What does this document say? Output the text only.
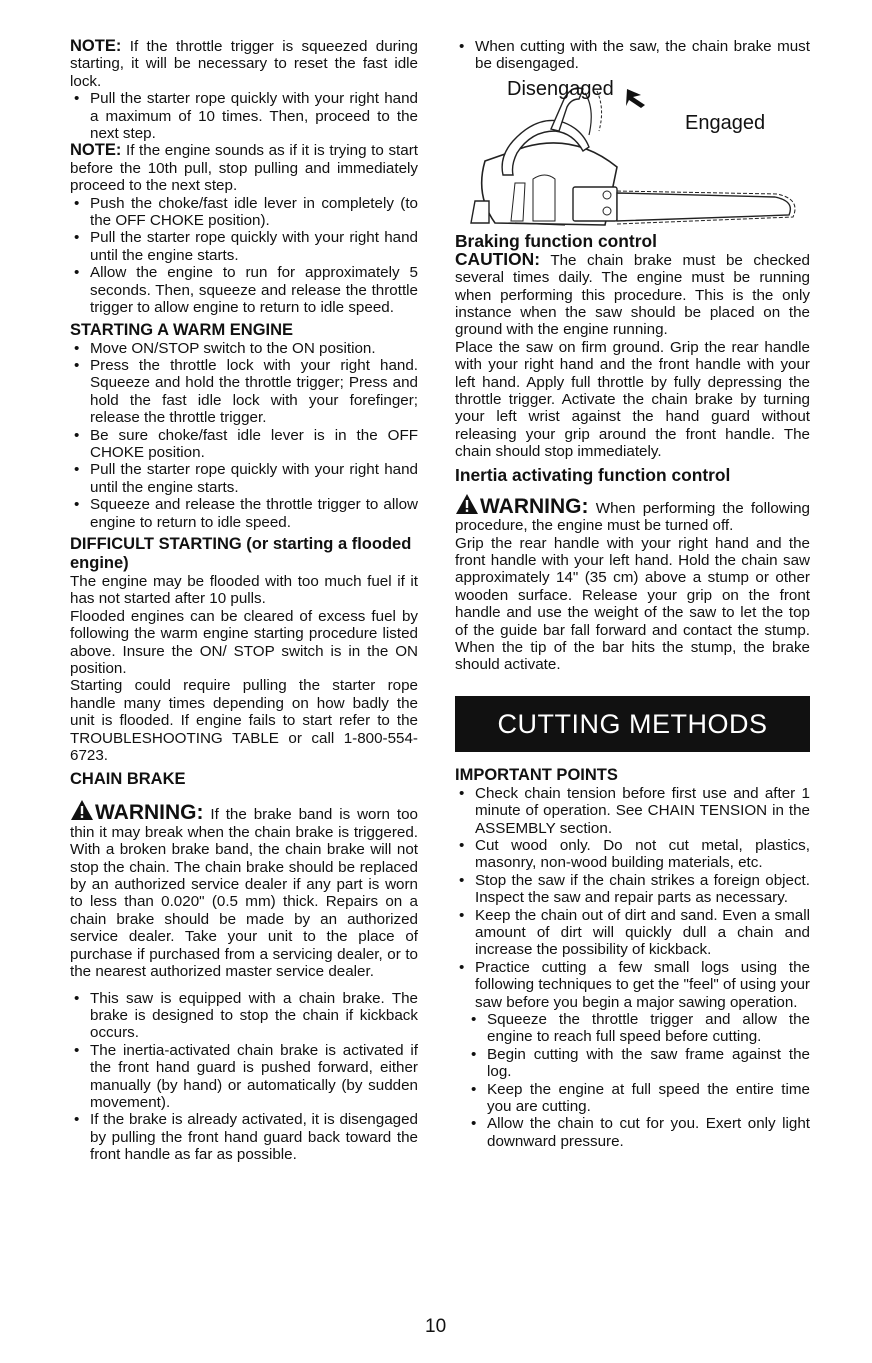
NOTE: If the throttle trigger is squeezed during starting, it will be necessary to reset the fast idle lock.

• Pull the starter rope quickly with your right hand a maximum of 10 times. Then, proceed to the next step.

NOTE: If the engine sounds as if it is trying to start before the 10th pull, stop pulling and immediately proceed to the next step.

• Push the choke/fast idle lever in completely (to the OFF CHOKE position).
• Pull the starter rope quickly with your right hand until the engine starts.
• Allow the engine to run for approximately 5 seconds. Then, squeeze and release the throttle trigger to allow engine to return to idle speed.

STARTING A WARM ENGINE

• Move ON/STOP switch to the ON position.
• Press the throttle lock with your right hand. Squeeze and hold the throttle trigger; Press and hold the fast idle lock with your forefinger; release the throttle trigger.
• Be sure choke/fast idle lever is in the OFF CHOKE position.
• Pull the starter rope quickly with your right hand until the engine starts.
• Squeeze and release the throttle trigger to allow engine to return to idle speed.

DIFFICULT STARTING (or starting a flooded engine)

The engine may be flooded with too much fuel if it has not started after 10 pulls.

Flooded engines can be cleared of excess fuel by following the warm engine starting procedure listed above. Insure the ON/ STOP switch is in the ON position.

Starting could require pulling the starter rope handle many times depending on how badly the unit is flooded. If engine fails to start refer to the TROUBLESHOOTING TABLE or call 1-800-554-6723.

CHAIN BRAKE

WARNING: If the brake band is worn too thin it may break when the chain brake is triggered. With a broken brake band, the chain brake will not stop the chain. The chain brake should be replaced by an authorized service dealer if any part is worn to less than 0.020" (0.5 mm) thick. Repairs on a chain brake should be made by an authorized service dealer. Take your unit to the place of purchase if purchased from a servicing dealer, or to the nearest authorized master service dealer.

• This saw is equipped with a chain brake. The brake is designed to stop the chain if kickback occurs.
• The inertia-activated chain brake is activated if the front hand guard is pushed forward, either manually (by hand) or automatically (by sudden movement).
• If the brake is already activated, it is disengaged by pulling the front hand guard back toward the front handle as far as possible.
• When cutting with the saw, the chain brake must be disengaged.
Disengaged
Engaged

Braking function control

CAUTION: The chain brake must be checked several times daily. The engine must be running when performing this procedure. This is the only instance when the saw should be placed on the ground with the engine running.

Place the saw on firm ground. Grip the rear handle with your right hand and the front handle with your left hand. Apply full throttle by fully depressing the throttle trigger. Activate the chain brake by turning your left wrist against the hand guard without releasing your grip around the front handle. The chain should stop immediately.

Inertia activating function control

WARNING: When performing the following procedure, the engine must be turned off.

Grip the rear handle with your right hand and the front handle with your left hand. Hold the chain saw approximately 14" (35 cm) above a stump or other wooden surface. Release your grip on the front handle and use the weight of the saw to let the top of the guide bar fall forward and contact the stump. When the tip of the bar hits the stump, the brake should activate.

CUTTING METHODS

IMPORTANT POINTS

• Check chain tension before first use and after 1 minute of operation. See CHAIN TENSION in the ASSEMBLY section.
• Cut wood only. Do not cut metal, plastics, masonry, non-wood building materials, etc.
• Stop the saw if the chain strikes a foreign object. Inspect the saw and repair parts as necessary.
• Keep the chain out of dirt and sand. Even a small amount of dirt will quickly dull a chain and increase the possibility of kickback.
• Practice cutting a few small logs using the following techniques to get the "feel" of using your saw before you begin a major sawing operation.
• Squeeze the throttle trigger and allow the engine to reach full speed before cutting.
• Begin cutting with the saw frame against the log.
• Keep the engine at full speed the entire time you are cutting.
• Allow the chain to cut for you. Exert only light downward pressure.
10
